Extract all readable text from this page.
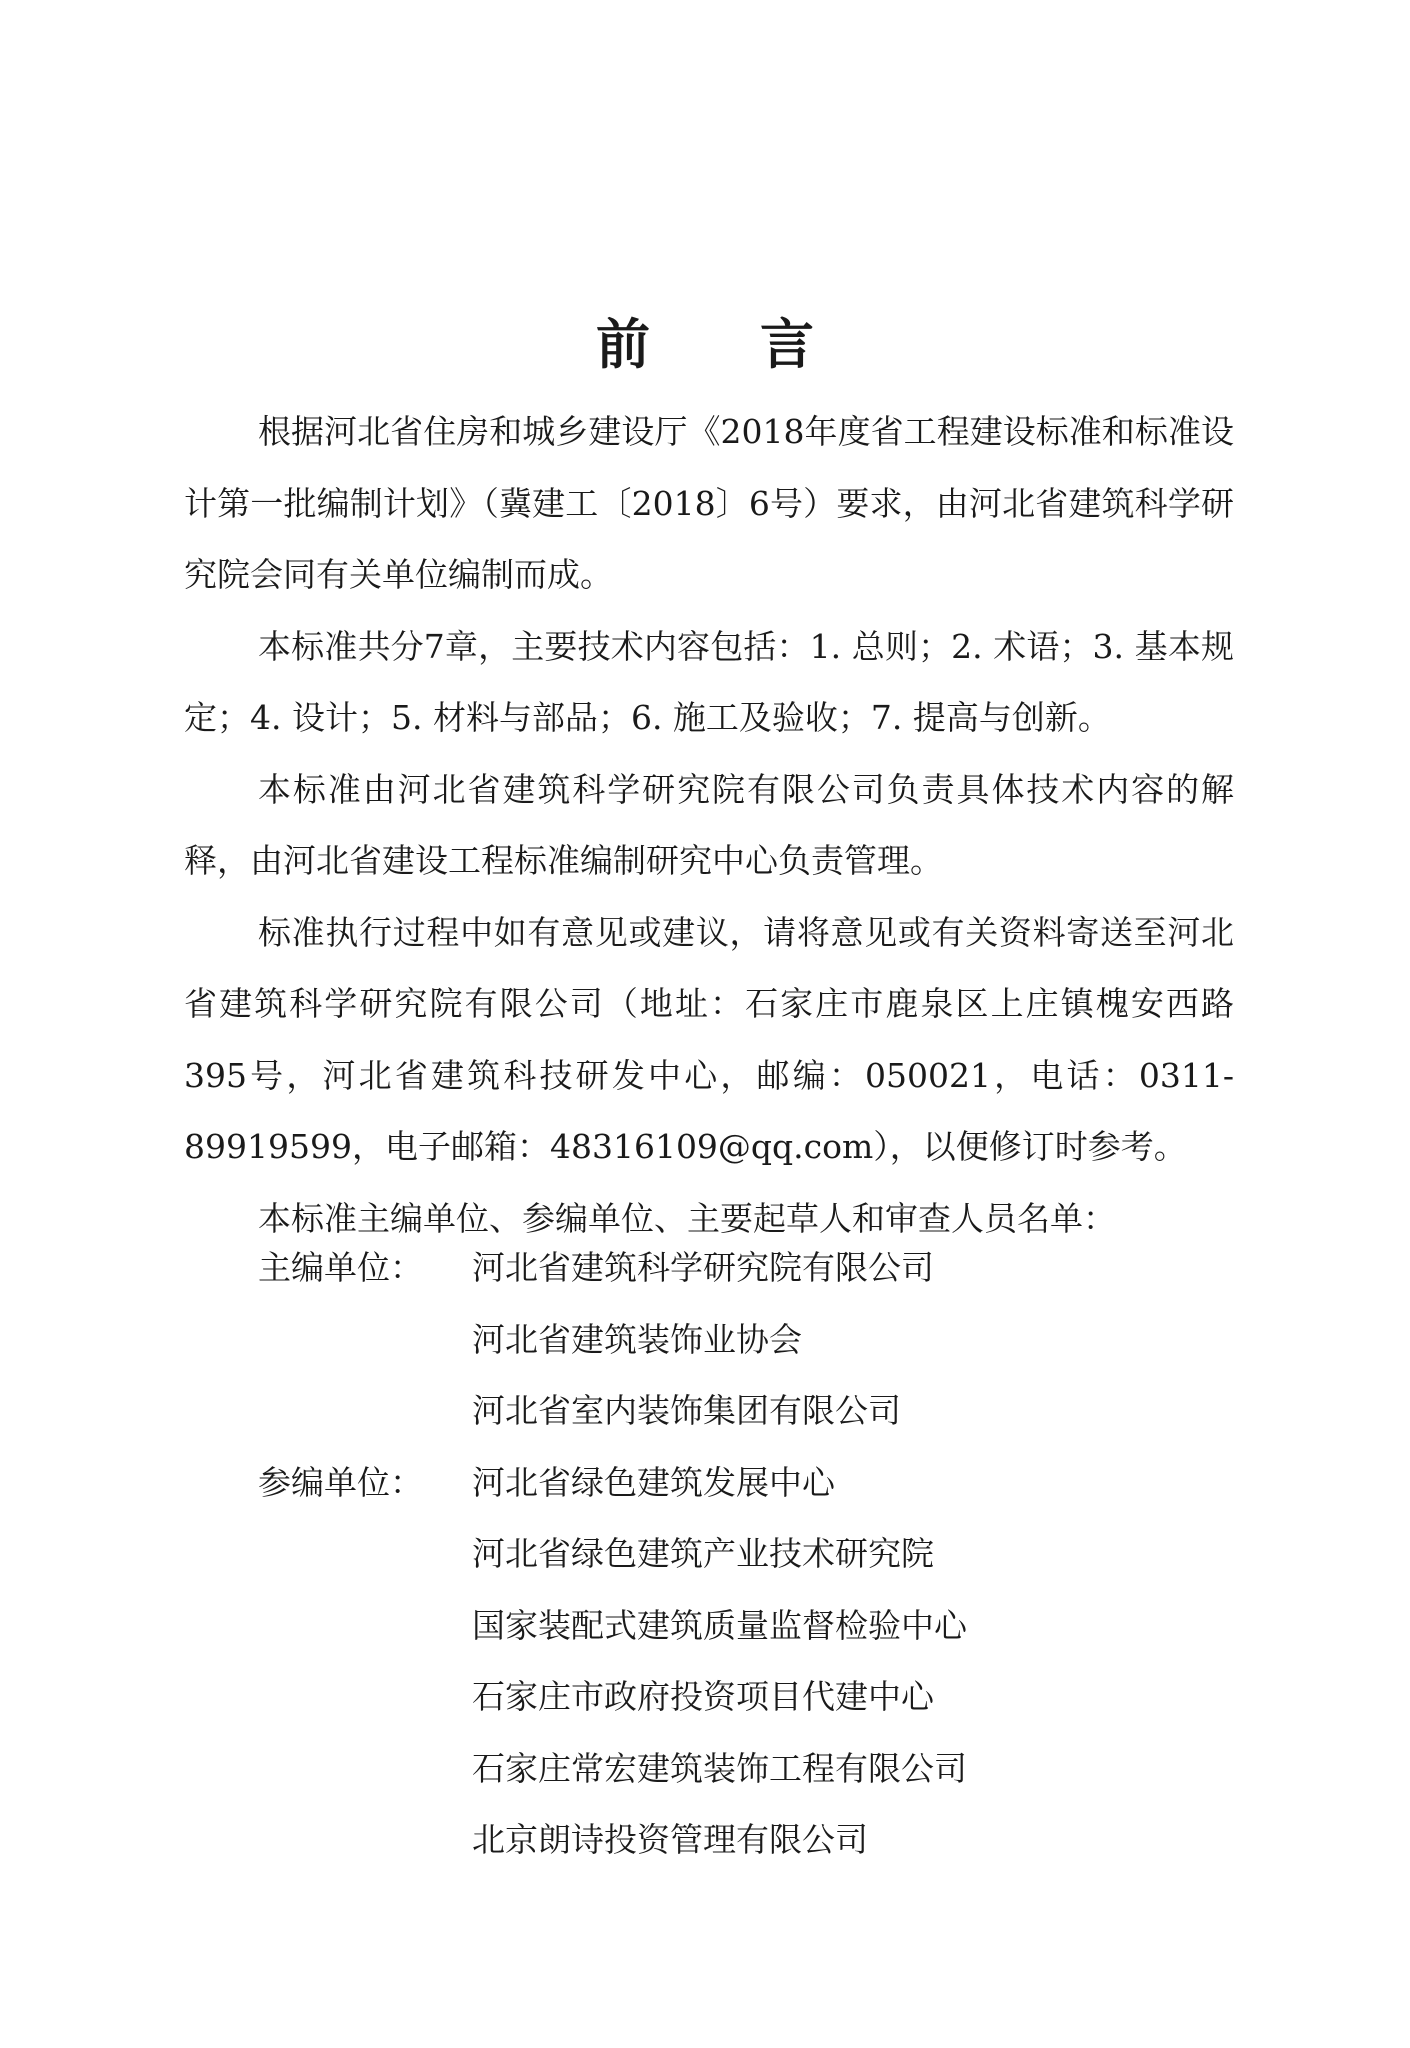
前言

根据河北省住房和城乡建设厅《2018年度省工程建设标准和标准设计第一批编制计划》（冀建工〔2018〕6号）要求，由河北省建筑科学研究院会同有关单位编制而成。

本标准共分7章，主要技术内容包括：1. 总则；2. 术语；3. 基本规定；4. 设计；5. 材料与部品；6. 施工及验收；7. 提高与创新。

本标准由河北省建筑科学研究院有限公司负责具体技术内容的解释，由河北省建设工程标准编制研究中心负责管理。

标准执行过程中如有意见或建议，请将意见或有关资料寄送至河北省建筑科学研究院有限公司（地址：石家庄市鹿泉区上庄镇槐安西路395号，河北省建筑科技研发中心，邮编：050021，电话：0311-89919599，电子邮箱：48316109@qq.com），以便修订时参考。

本标准主编单位、参编单位、主要起草人和审查人员名单：

主编单位：	河北省建筑科学研究院有限公司
河北省建筑装饰业协会
河北省室内装饰集团有限公司
参编单位：	河北省绿色建筑发展中心
河北省绿色建筑产业技术研究院
国家装配式建筑质量监督检验中心
石家庄市政府投资项目代建中心
石家庄常宏建筑装饰工程有限公司
北京朗诗投资管理有限公司
